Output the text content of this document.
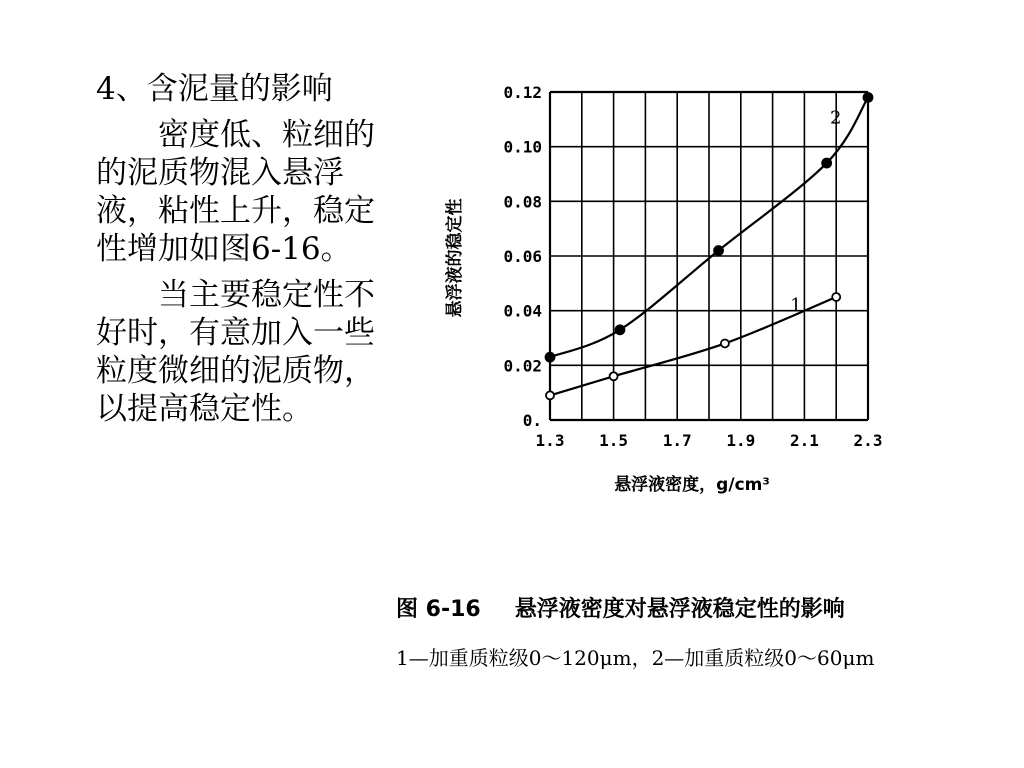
4、含泥量的影响

密度低、粒细的的泥质物混入悬浮液，粘性上升，稳定性增加如图6-16。

当主要稳定性不好时，有意加入一些粒度微细的泥质物，以提高稳定性。

1
2
1.3 1.5 1.7 1.9 2.1 2.3
0.
0.02
0.04
0.06
0.08
0.10
0.12
悬浮液的稳定性
悬浮液密度，g/cm³
图 6-16 悬浮液密度对悬浮液稳定性的影响
1—加重质粒级0～120μm，2—加重质粒级0～60μm
